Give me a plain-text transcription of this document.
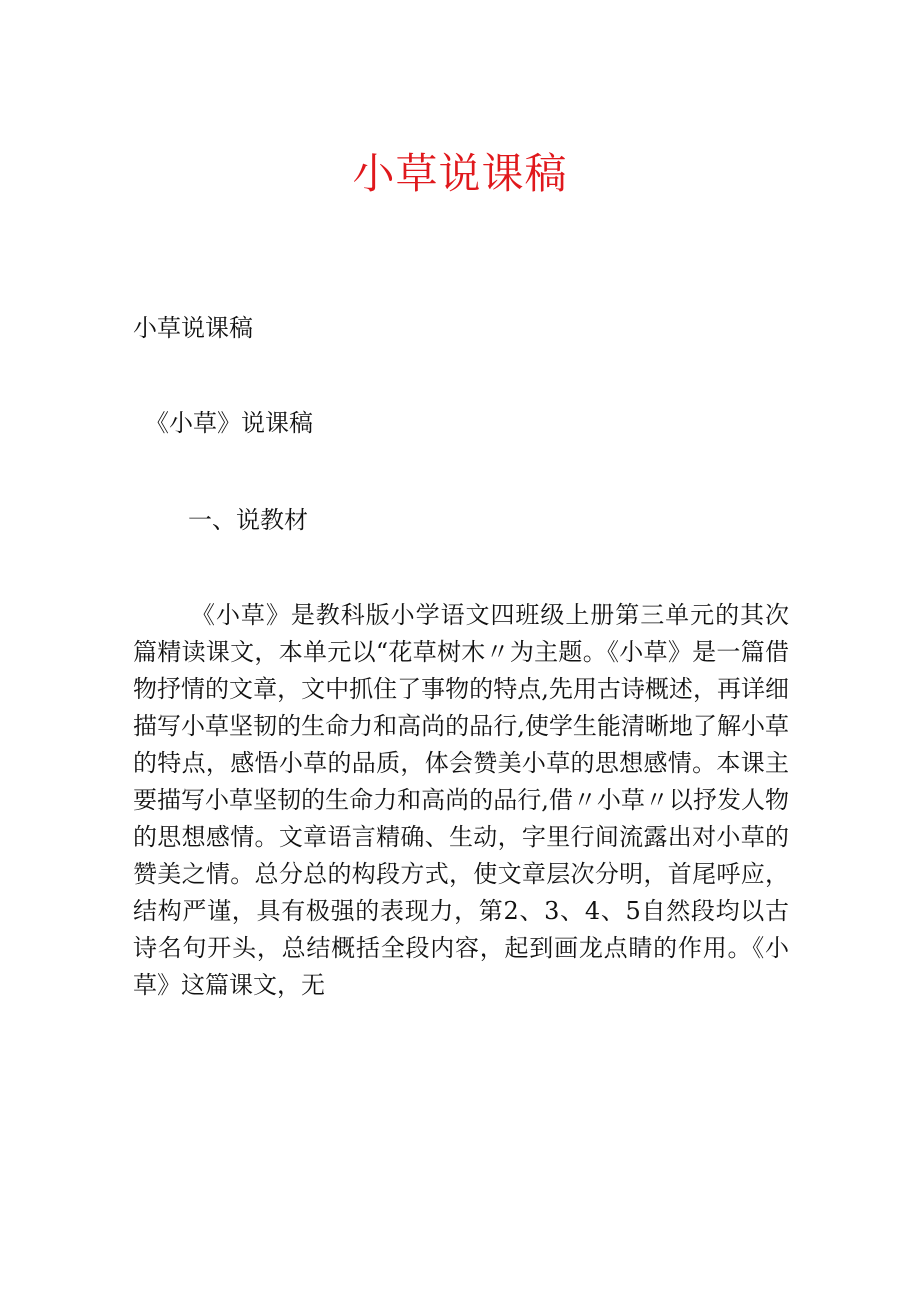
小草说课稿
小草说课稿
《小草》说课稿
一、说教材
《小草》是教科版小学语文四班级上册第三单元的其次篇精读课文，本单元以“花草树木〃为主题。《小草》是一篇借物抒情的文章，文中抓住了事物的特点,先用古诗概述，再详细描写小草坚韧的生命力和高尚的品行,使学生能清晰地了解小草的特点，感悟小草的品质，体会赞美小草的思想感情。本课主要描写小草坚韧的生命力和高尚的品行,借〃小草〃以抒发人物的思想感情。文章语言精确、生动，字里行间流露出对小草的赞美之情。总分总的构段方式，使文章层次分明，首尾呼应，结构严谨，具有极强的表现力，第2、3、4、5自然段均以古诗名句开头，总结概括全段内容，起到画龙点睛的作用。《小草》这篇课文，无
